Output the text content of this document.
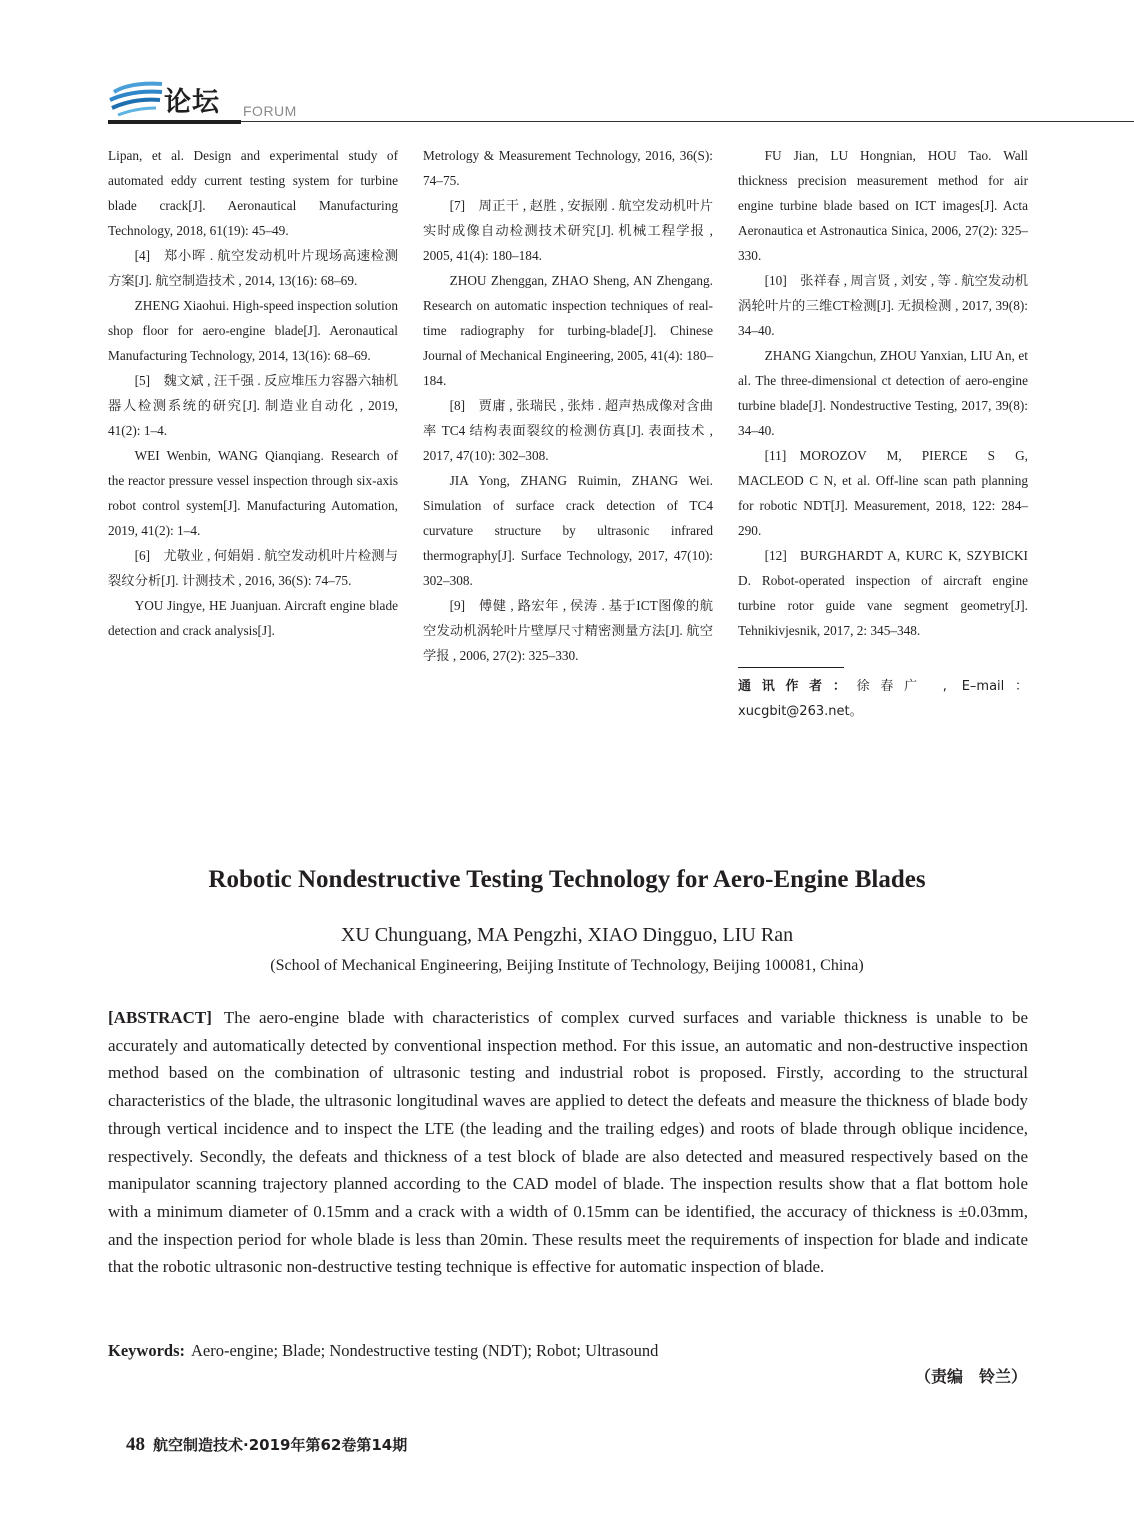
论坛 FORUM

Lipan, et al. Design and experimental study of automated eddy current testing system for turbine blade crack[J]. Aeronautical Manufacturing Technology, 2018, 61(19): 45–49.

[4] 郑小晖 . 航空发动机叶片现场高速检测方案[J]. 航空制造技术 , 2014, 13(16): 68–69.

ZHENG Xiaohui. High-speed inspection solution shop floor for aero-engine blade[J]. Aeronautical Manufacturing Technology, 2014, 13(16): 68–69.

[5] 魏文斌 , 汪千强 . 反应堆压力容器六轴机器人检测系统的研究[J]. 制造业自动化 , 2019, 41(2): 1–4.

WEI Wenbin, WANG Qianqiang. Research of the reactor pressure vessel inspection through six-axis robot control system[J]. Manufacturing Automation, 2019, 41(2): 1–4.

[6] 尤敬业 , 何娟娟 . 航空发动机叶片检测与裂纹分析[J]. 计测技术 , 2016, 36(S): 74–75.

YOU Jingye, HE Juanjuan. Aircraft engine blade detection and crack analysis[J].

Metrology & Measurement Technology, 2016, 36(S): 74–75.

[7] 周正干 , 赵胜 , 安振刚 . 航空发动机叶片实时成像自动检测技术研究[J]. 机械工程学报 , 2005, 41(4): 180–184.

ZHOU Zhenggan, ZHAO Sheng, AN Zhengang. Research on automatic inspection techniques of real-time radiography for turbing-blade[J]. Chinese Journal of Mechanical Engineering, 2005, 41(4): 180–184.

[8] 贾庸 , 张瑞民 , 张炜 . 超声热成像对含曲率 TC4 结构表面裂纹的检测仿真[J]. 表面技术 , 2017, 47(10): 302–308.

JIA Yong, ZHANG Ruimin, ZHANG Wei. Simulation of surface crack detection of TC4 curvature structure by ultrasonic infrared thermography[J]. Surface Technology, 2017, 47(10): 302–308.

[9] 傅健 , 路宏年 , 侯涛 . 基于ICT图像的航空发动机涡轮叶片壁厚尺寸精密测量方法[J]. 航空学报 , 2006, 27(2): 325–330.

FU Jian, LU Hongnian, HOU Tao. Wall thickness precision measurement method for air engine turbine blade based on ICT images[J]. Acta Aeronautica et Astronautica Sinica, 2006, 27(2): 325–330.

[10] 张祥春 , 周言贤 , 刘安 , 等 . 航空发动机涡轮叶片的三维CT检测[J]. 无损检测 , 2017, 39(8): 34–40.

ZHANG Xiangchun, ZHOU Yanxian, LIU An, et al. The three-dimensional ct detection of aero-engine turbine blade[J]. Nondestructive Testing, 2017, 39(8): 34–40.

[11] MOROZOV M, PIERCE S G, MACLEOD C N, et al. Off-line scan path planning for robotic NDT[J]. Measurement, 2018, 122: 284–290.

[12] BURGHARDT A, KURC K, SZYBICKI D. Robot-operated inspection of aircraft engine turbine rotor guide vane segment geometry[J]. Tehnikivjesnik, 2017, 2: 345–348.

通讯作者：徐春广 , E–mail：xucgbit@263.net。
Robotic Nondestructive Testing Technology for Aero-Engine Blades
XU Chunguang, MA Pengzhi, XIAO Dingguo, LIU Ran
(School of Mechanical Engineering, Beijing Institute of Technology, Beijing 100081, China)

[ABSTRACT] The aero-engine blade with characteristics of complex curved surfaces and variable thickness is unable to be accurately and automatically detected by conventional inspection method. For this issue, an automatic and non-destructive inspection method based on the combination of ultrasonic testing and industrial robot is proposed. Firstly, according to the structural characteristics of the blade, the ultrasonic longitudinal waves are applied to detect the defeats and measure the thickness of blade body through vertical incidence and to inspect the LTE (the leading and the trailing edges) and roots of blade through oblique incidence, respectively. Secondly, the defeats and thickness of a test block of blade are also detected and measured respectively based on the manipulator scanning trajectory planned according to the CAD model of blade. The inspection results show that a flat bottom hole with a minimum diameter of 0.15mm and a crack with a width of 0.15mm can be identified, the accuracy of thickness is ±0.03mm, and the inspection period for whole blade is less than 20min. These results meet the requirements of inspection for blade and indicate that the robotic ultrasonic non-destructive testing technique is effective for automatic inspection of blade.

Keywords: Aero-engine; Blade; Nondestructive testing (NDT); Robot; Ultrasound
（责编　铃兰）
48 航空制造技术·2019年第62卷第14期
